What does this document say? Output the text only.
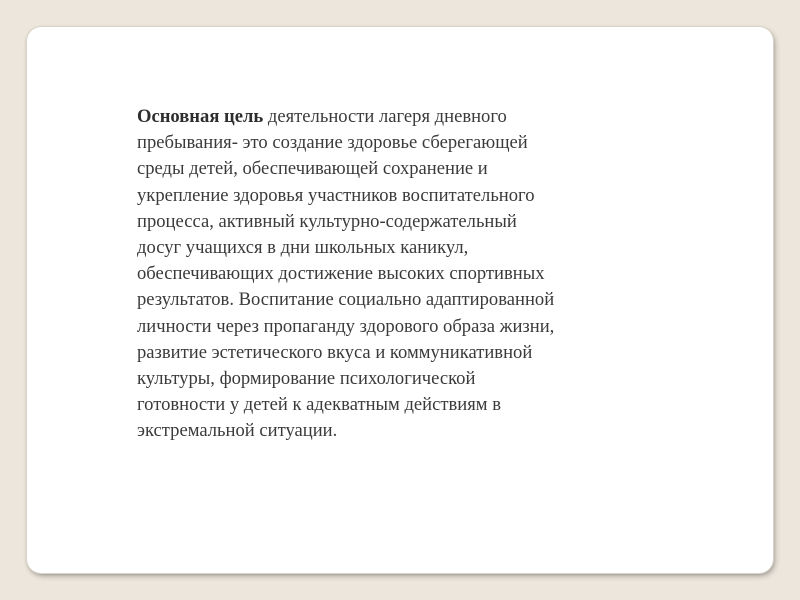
Основная цель деятельности лагеря дневного
пребывания- это создание здоровье сберегающей
среды детей, обеспечивающей сохранение и
укрепление здоровья участников воспитательного
процесса, активный культурно-содержательный
досуг учащихся в дни школьных каникул,
обеспечивающих достижение высоких спортивных
результатов. Воспитание социально адаптированной
личности через пропаганду здорового образа жизни,
развитие эстетического вкуса и коммуникативной
культуры, формирование психологической
готовности у детей к адекватным действиям в
экстремальной ситуации.
